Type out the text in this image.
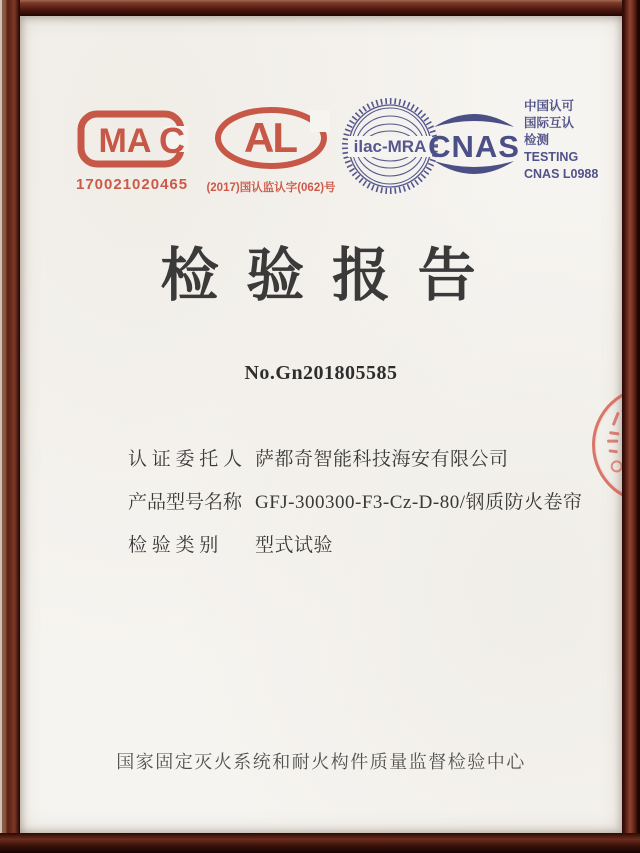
MA C
170021020465
AL
(2017)国认监认字(062)号
ilac-MRA CNAS
中国认可
国际互认
检测
TESTING
CNAS L0988
检 验 报 告
No.Gn201805585
认 证 委 托 人 萨都奇智能科技海安有限公司
产品型号名称 GFJ-300300-F3-Cz-D-80/钢质防火卷帘
检 验 类 别	型式试验
国家固定灭火系统和耐火构件质量监督检验中心
